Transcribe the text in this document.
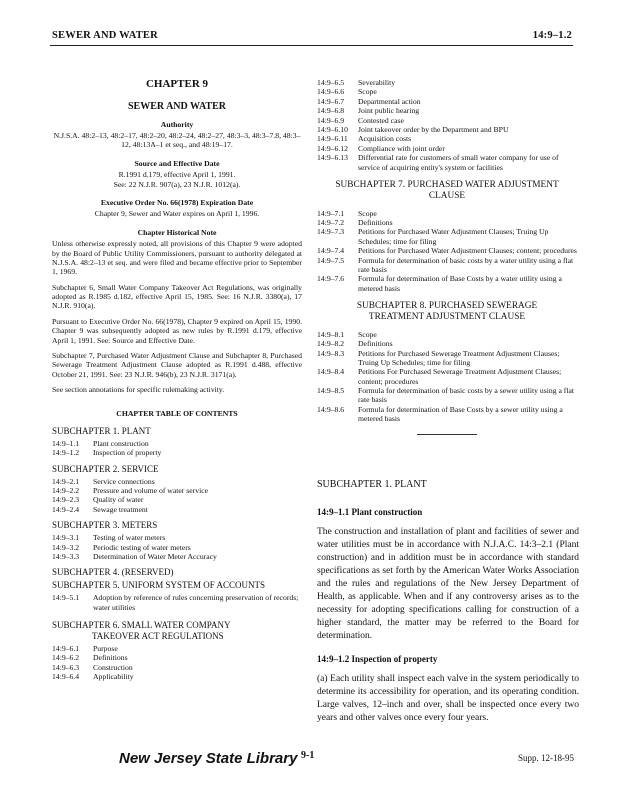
SEWER AND WATER	14:9–1.2
CHAPTER 9
SEWER AND WATER
Authority
N.J.S.A. 48:2–13, 48:2–17, 48:2–20, 48:2–24, 48:2–27, 48:3–3, 48:3–7.8, 48:3–12, 48:13A–1 et seq., and 48:19–17.
Source and Effective Date
R.1991 d.179, effective April 1, 1991.
See: 22 N.J.R. 907(a), 23 N.J.R. 1012(a).
Executive Order No. 66(1978) Expiration Date
Chapter 9, Sewer and Water expires on April 1, 1996.
Chapter Historical Note

Unless otherwise expressly noted, all provisions of this Chapter 9 were adopted by the Board of Public Utility Commissioners, pursuant to authority delegated at N.J.S.A. 48:2–13 et seq. and were filed and became effective prior to September 1, 1969.

Subchapter 6, Small Water Company Takeover Act Regulations, was originally adopted as R.1985 d.182, effective April 15, 1985. See: 16 N.J.R. 3380(a), 17 N.J.R. 910(a).

Pursuant to Executive Order No. 66(1978), Chapter 9 expired on April 15, 1990. Chapter 9 was subsequently adopted as new rules by R.1991 d.179, effective April 1, 1991. See: Source and Effective Date.

Subchapter 7, Purchased Water Adjustment Clause and Subchapter 8, Purchased Sewerage Treatment Adjustment Clause adopted as R.1991 d.488, effective October 21, 1991. See: 23 N.J.R. 946(b), 23 N.J.R. 3171(a).

See section annotations for specific rulemaking activity.

CHAPTER TABLE OF CONTENTS
SUBCHAPTER 1. PLANT
14:9–1.1	Plant construction
14:9–1.2	Inspection of property
SUBCHAPTER 2. SERVICE
14:9–2.1	Service connections
14:9–2.2	Pressure and volume of water service
14:9–2.3	Quality of water
14:9–2.4	Sewage treatment
SUBCHAPTER 3. METERS
14:9–3.1	Testing of water meters
14:9–3.2	Periodic testing of water meters
14:9–3.3	Determination of Water Meter Accuracy
SUBCHAPTER 4. (RESERVED)
SUBCHAPTER 5. UNIFORM SYSTEM OF ACCOUNTS
14:9–5.1	Adoption by reference of rules concerning preservation of records; water utilities
SUBCHAPTER 6. SMALL WATER COMPANY
TAKEOVER ACT REGULATIONS
14:9–6.1	Purpose
14:9–6.2	Definitions
14:9–6.3	Construction
14:9–6.4	Applicability
14:9–6.5	Severability
14:9–6.6	Scope
14:9–6.7	Departmental action
14:9–6.8	Joint public hearing
14:9–6.9	Contested case
14:9–6.10	Joint takeover order by the Department and BPU
14:9–6.11	Acquisition costs
14:9–6.12	Compliance with joint order
14:9–6.13	Differential rate for customers of small water company for use of service of acquiring entity's system or facilities
SUBCHAPTER 7. PURCHASED WATER ADJUSTMENT
CLAUSE
14:9–7.1	Scope
14:9–7.2	Definitions
14:9–7.3	Petitions for Purchased Water Adjustment Clauses; Truing Up Schedules; time for filing
14:9–7.4	Petitions for Purchased Water Adjustment Clauses; content; procedures
14:9–7.5	Formula for determination of basic costs by a water utility using a flat rate basis
14:9–7.6	Formula for determination of Base Costs by a water utility using a metered basis
SUBCHAPTER 8. PURCHASED SEWERAGE
TREATMENT ADJUSTMENT CLAUSE
14:9–8.1	Scope
14:9–8.2	Definitions
14:9–8.3	Petitions for Purchased Sewerage Treatment Adjustment Clauses; Truing Up Schedules; time for filing
14:9–8.4	Petitions For Purchased Sewerage Treatment Adjustment Clauses; content; procedures
14:9–8.5	Formula for determination of basic costs by a sewer utility using a flat rate basis
14:9–8.6	Formula for determination of Base Costs by a sewer utility using a metered basis
SUBCHAPTER 1. PLANT
14:9–1.1 Plant construction

The construction and installation of plant and facilities of sewer and water utilities must be in accordance with N.J.A.C. 14:3–2.1 (Plant construction) and in addition must be in accordance with standard specifications as set forth by the American Water Works Association and the rules and regulations of the New Jersey Department of Health, as applicable. When and if any controversy arises as to the necessity for adopting specifications calling for construction of a higher standard, the matter may be referred to the Board for determination.

14:9–1.2 Inspection of property

(a) Each utility shall inspect each valve in the system periodically to determine its accessibility for operation, and its operating condition. Large valves, 12–inch and over, shall be inspected once every two years and other valves once every four years.

New Jersey State Library 9-1	Supp. 12-18-95
